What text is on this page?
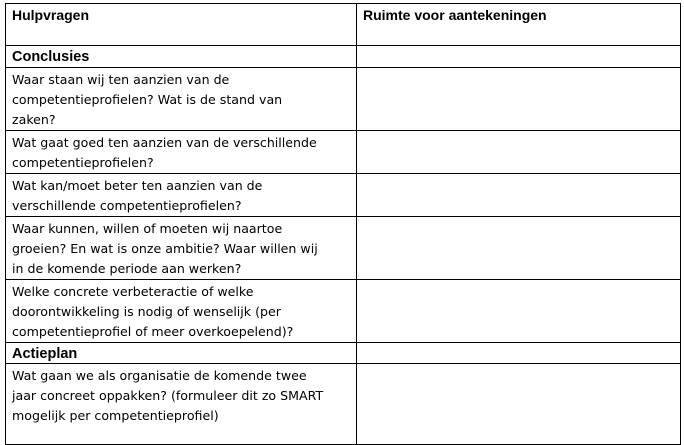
Hulpvragen	Ruimte voor aantekeningen
Conclusies	

Waar staan wij ten aanzien van de
competentieprofielen? Wat is de stand van
zaken?	

Wat gaat goed ten aanzien van de verschillende
competentieprofielen?	

Wat kan/moet beter ten aanzien van de
verschillende competentieprofielen?	

Waar kunnen, willen of moeten wij naartoe
groeien? En wat is onze ambitie? Waar willen wij
in de komende periode aan werken?	

Welke concrete verbeteractie of welke
doorontwikkeling is nodig of wenselijk (per
competentieprofiel of meer overkoepelend)?	

Actieplan	

Wat gaan we als organisatie de komende twee
jaar concreet oppakken? (formuleer dit zo SMART
mogelijk per competentieprofiel)	
